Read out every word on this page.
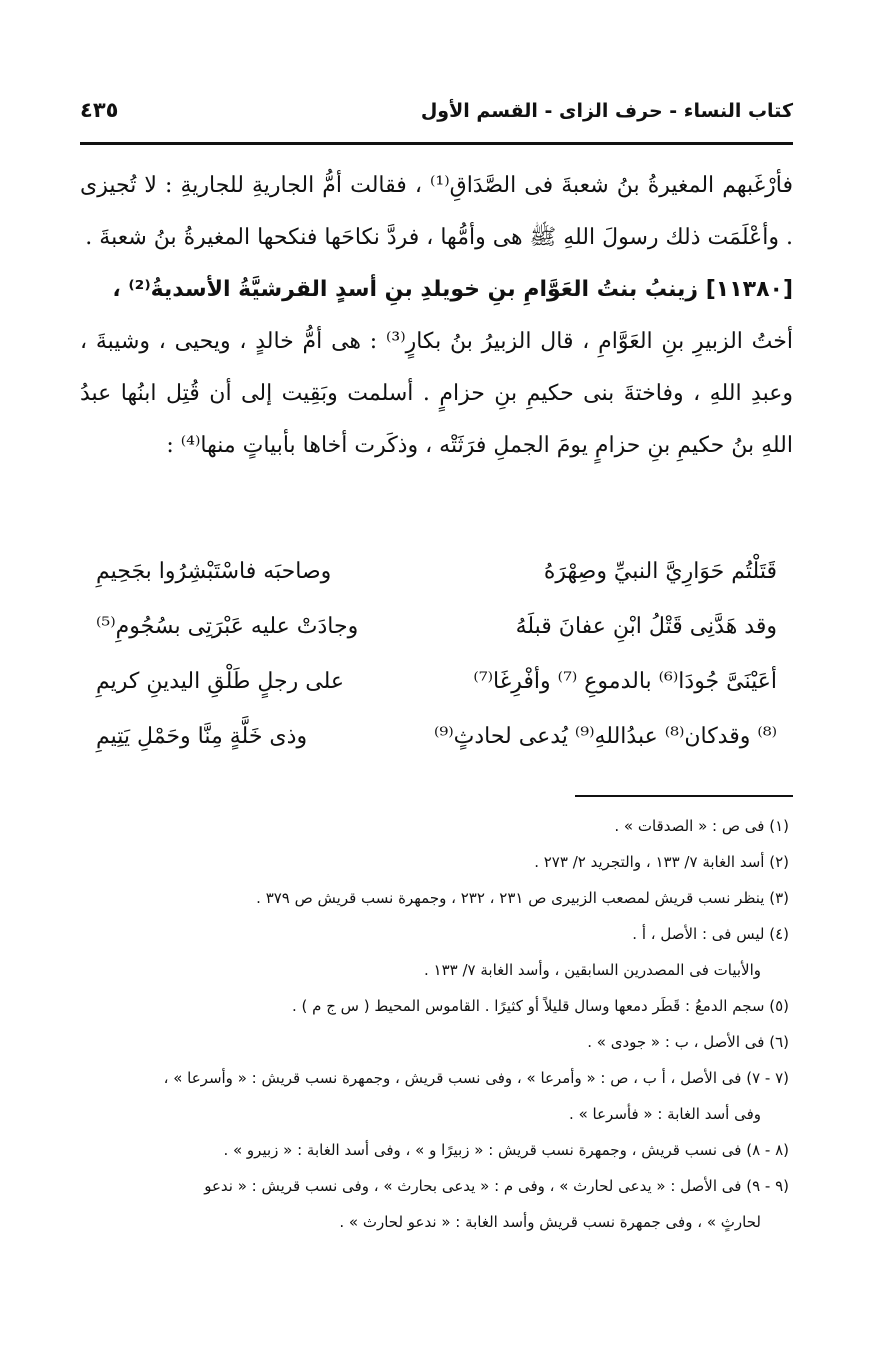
كتاب النساء - حرف الزاى - القسم الأول
٤٣٥

فأرْغَبهم المغيرةُ بنُ شعبةَ فى الصَّدَاقِ⁽¹⁾ ، فقالت أمُّ الجاريةِ للجاريةِ : لا تُجيزى . وأعْلَمَت ذلك رسولَ اللهِ ﷺ هى وأمُّها ، فردَّ نكاحَها فنكحها المغيرةُ بنُ شعبةَ .

[١١٣٨٠] زينبُ بنتُ العَوَّامِ بنِ خويلدِ بنِ أسدٍ القرشيَّةُ الأسديةُ⁽²⁾ ،

أختُ الزبيرِ بنِ العَوَّامِ ، قال الزبيرُ بنُ بكارٍ⁽³⁾ : هى أمُّ خالدٍ ، ويحيى ، وشيبةَ ، وعبدِ اللهِ ، وفاختةَ بنى حكيمِ بنِ حزامٍ . أسلمت وبَقِيت إلى أن قُتِل ابنُها عبدُ اللهِ بنُ حكيمِ بنِ حزامٍ يومَ الجملِ فرَثَتْه ، وذكَرت أخاها بأبياتٍ منها⁽⁴⁾ :

قَتَلْتُم حَوَارِيَّ النبيِّ وصِهْرَهُ
وصاحبَه فاسْتَبْشِرُوا بجَحِيمِ
وقد هَدَّنِى قَتْلُ ابْنِ عفانَ قبلَهُ
وجادَتْ عليه عَبْرَتِى بسُجُومِ⁽⁵⁾
أعَيْنَىَّ جُودَا⁽⁶⁾ بالدموعِ ⁽⁷⁾ وأفْرِغَا⁽⁷⁾
على رجلٍ طَلْقِ اليدينِ كريمِ
⁽⁸⁾ وقدكان⁽⁸⁾ عبدُاللهِ⁽⁹⁾ يُدعى لحادثٍ⁽⁹⁾
وذى خَلَّةٍ مِنَّا وحَمْلِ يَتِيمِ

(١) فى ص : « الصدقات » .

(٢) أسد الغابة ٧/ ١٣٣ ، والتجريد ٢/ ٢٧٣ .

(٣) ينظر نسب قريش لمصعب الزبيرى ص ٢٣١ ، ٢٣٢ ، وجمهرة نسب قريش ص ٣٧٩ .

(٤) ليس فى : الأصل ، أ .

والأبيات فى المصدرين السابقين ، وأسد الغابة ٧/ ١٣٣ .

(٥) سجم الدمعُ : قَطَر دمعها وسال قليلاً أو كثيرًا . القاموس المحيط ( س ج م ) .

(٦) فى الأصل ، ب : « جودى » .

(٧ - ٧) فى الأصل ، أ ب ، ص : « وأمرعا » ، وفى نسب قريش ، وجمهرة نسب قريش : « وأسرعا » ،

وفى أسد الغابة : « فأسرعا » .

(٨ - ٨) فى نسب قريش ، وجمهرة نسب قريش : « زبيرًا و » ، وفى أسد الغابة : « زبيرو » .

(٩ - ٩) فى الأصل : « يدعى لحارث » ، وفى م : « يدعى بحارث » ، وفى نسب قريش : « ندعو

لحارثٍ » ، وفى جمهرة نسب قريش وأسد الغابة : « ندعو لحارث » .
